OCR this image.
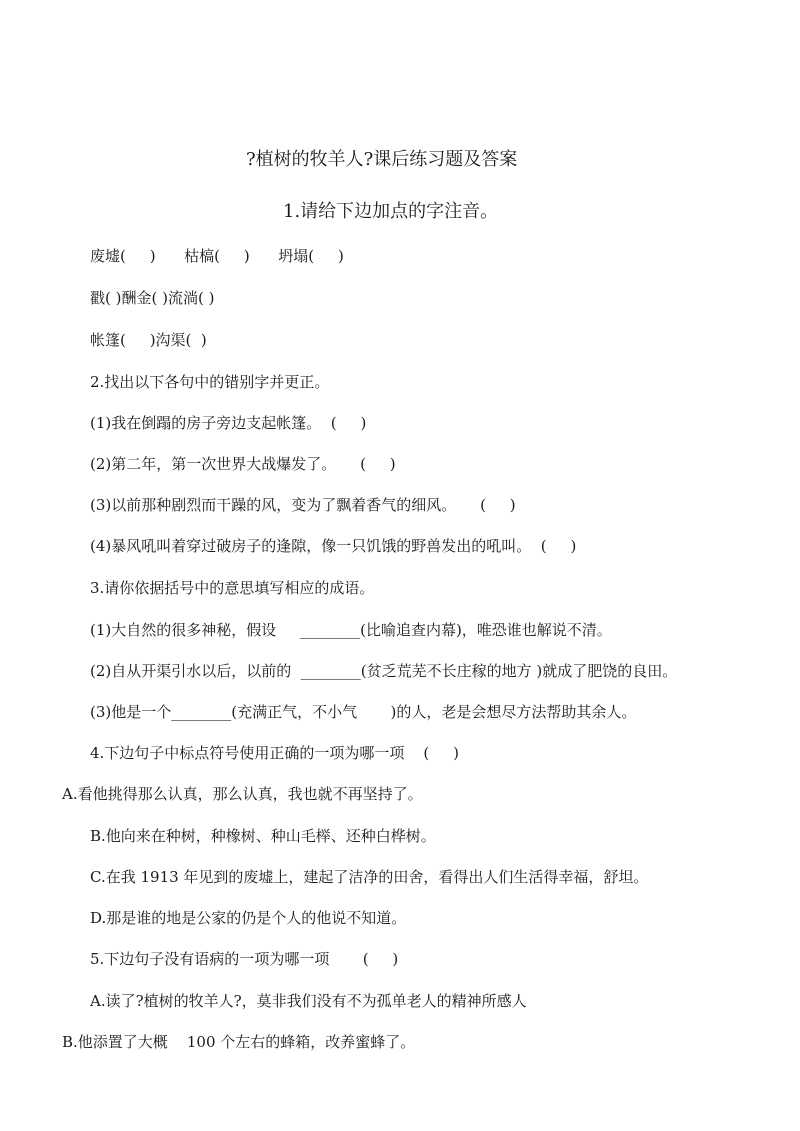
?植树的牧羊人?课后练习题及答案
1.请给下边加点的字注音。
废墟(     )      枯槁(     )      坍塌(     )
戳( )酬金( )流淌( )
帐篷(     )沟渠(  )
2.找出以下各句中的错别字并更正。
(1)我在倒蹋的房子旁边支起帐篷。  (     )
(2)第二年，第一次世界大战爆发了。     (     )
(3)以前那种剧烈而干躁的风，变为了飘着香气的细风。     (     )
(4)暴风吼叫着穿过破房子的逢隙，像一只饥饿的野兽发出的吼叫。  (     )
3.请你依据括号中的意思填写相应的成语。
(1)大自然的很多神秘，假设     ________(比喻追查内幕)，唯恐谁也解说不清。
(2)自从开渠引水以后，以前的  ________(贫乏荒芜不长庄稼的地方 )就成了肥饶的良田。
(3)他是一个________(充满正气，不小气       )的人，老是会想尽方法帮助其余人。
4.下边句子中标点符号使用正确的一项为哪一项    (     )
A.看他挑得那么认真，那么认真，我也就不再坚持了。
B.他向来在种树，种橡树、种山毛榉、还种白桦树。
C.在我 1913 年见到的废墟上，建起了洁净的田舍，看得出人们生活得幸福，舒坦。
D.那是谁的地是公家的仍是个人的他说不知道。
5.下边句子没有语病的一项为哪一项       (     )
A.读了?植树的牧羊人?，莫非我们没有不为孤单老人的精神所感人
B.他添置了大概    100 个左右的蜂箱，改养蜜蜂了。
